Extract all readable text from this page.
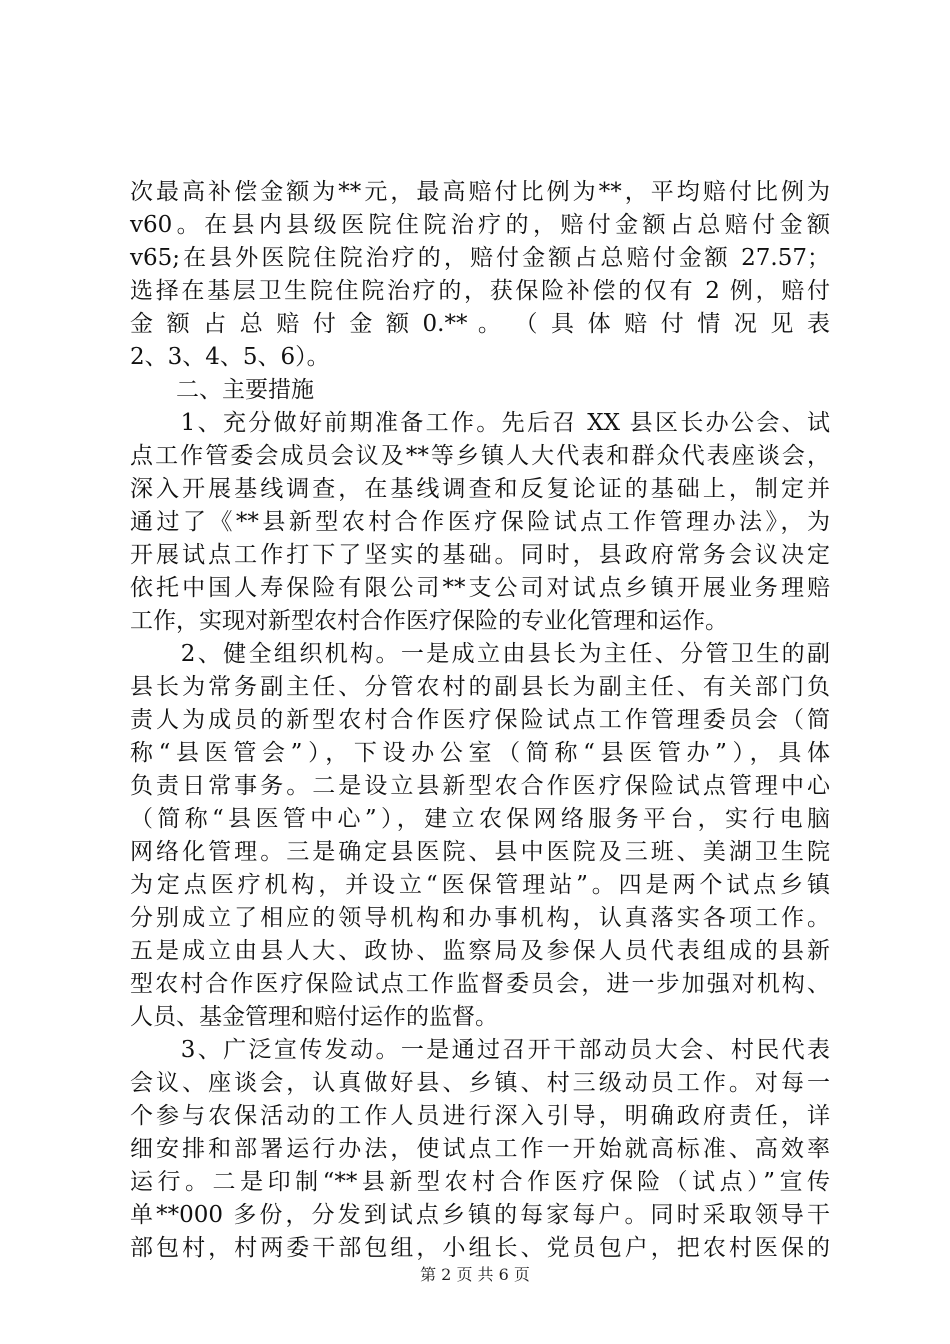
次最高补偿金额为**元，最高赔付比例为**，平均赔付比例为
v60。在县内县级医院住院治疗的，赔付金额占总赔付金额
v65;在县外医院住院治疗的，赔付金额占总赔付金额 27.57；
选择在基层卫生院住院治疗的，获保险补偿的仅有 2 例，赔付
金 额 占 总 赔 付 金 额 0.** 。 （ 具 体 赔 付 情 况 见 表
2、3、4、5、6）。
　　二、主要措施
　　1、充分做好前期准备工作。先后召 XX 县区长办公会、试
点工作管委会成员会议及**等乡镇人大代表和群众代表座谈会，
深入开展基线调查，在基线调查和反复论证的基础上，制定并
通过了《**县新型农村合作医疗保险试点工作管理办法》，为
开展试点工作打下了坚实的基础。同时，县政府常务会议决定
依托中国人寿保险有限公司**支公司对试点乡镇开展业务理赔
工作，实现对新型农村合作医疗保险的专业化管理和运作。
　　2、健全组织机构。一是成立由县长为主任、分管卫生的副
县长为常务副主任、分管农村的副县长为副主任、有关部门负
责人为成员的新型农村合作医疗保险试点工作管理委员会（简
称“县医管会”），下设办公室（简称“县医管办”），具体
负责日常事务。二是设立县新型农合作医疗保险试点管理中心
（简称“县医管中心”），建立农保网络服务平台，实行电脑
网络化管理。三是确定县医院、县中医院及三班、美湖卫生院
为定点医疗机构，并设立“医保管理站”。四是两个试点乡镇
分别成立了相应的领导机构和办事机构，认真落实各项工作。
五是成立由县人大、政协、监察局及参保人员代表组成的县新
型农村合作医疗保险试点工作监督委员会，进一步加强对机构、
人员、基金管理和赔付运作的监督。
　　3、广泛宣传发动。一是通过召开干部动员大会、村民代表
会议、座谈会，认真做好县、乡镇、村三级动员工作。对每一
个参与农保活动的工作人员进行深入引导，明确政府责任，详
细安排和部署运行办法，使试点工作一开始就高标准、高效率
运行。二是印制“**县新型农村合作医疗保险（试点）”宣传
单**000 多份，分发到试点乡镇的每家每户。同时采取领导干
部包村，村两委干部包组，小组长、党员包户，把农村医保的
第 2 页 共 6 页
